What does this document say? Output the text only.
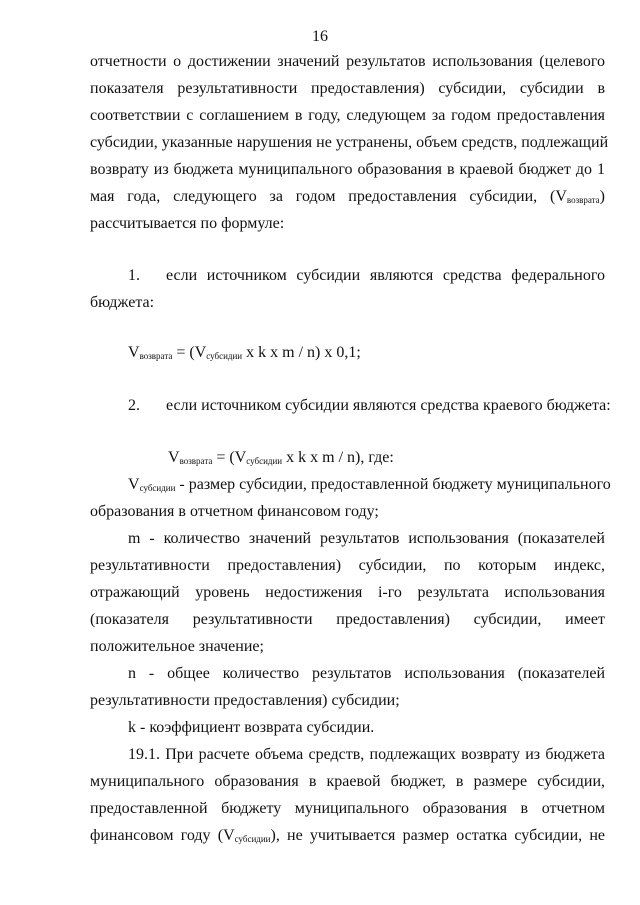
16
отчетности о достижении значений результатов использования (целевого
показателя результативности предоставления) субсидии, субсидии в
соответствии с соглашением в году, следующем за годом предоставления
субсидии, указанные нарушения не устранены, объем средств, подлежащий
возврату из бюджета муниципального образования в краевой бюджет до 1
мая года, следующего за годом предоставления субсидии, $(V_{возврата})$
рассчитывается по формуле:
1.	если источником субсидии являются средства федерального
бюджета:
$V_{возврата} = (V_{субсидии}$ x k x m / n) x 0,1;
2.	если источником субсидии являются средства краевого бюджета:
$V_{возврата} = (V_{субсидии}$ x k x m / n), где:
$V_{субсидии}$ - размер субсидии, предоставленной бюджету муниципального
образования в отчетном финансовом году;
m - количество значений результатов использования (показателей
результативности предоставления) субсидии, по которым индекс,
отражающий уровень недостижения i-го результата использования
(показателя результативности предоставления) субсидии, имеет
положительное значение;
n - общее количество результатов использования (показателей
результативности предоставления) субсидии;
k - коэффициент возврата субсидии.
19.1. При расчете объема средств, подлежащих возврату из бюджета
муниципального образования в краевой бюджет, в размере субсидии,
предоставленной бюджету муниципального образования в отчетном
финансовом году $(V_{субсидии})$, не учитывается размер остатка субсидии, не
